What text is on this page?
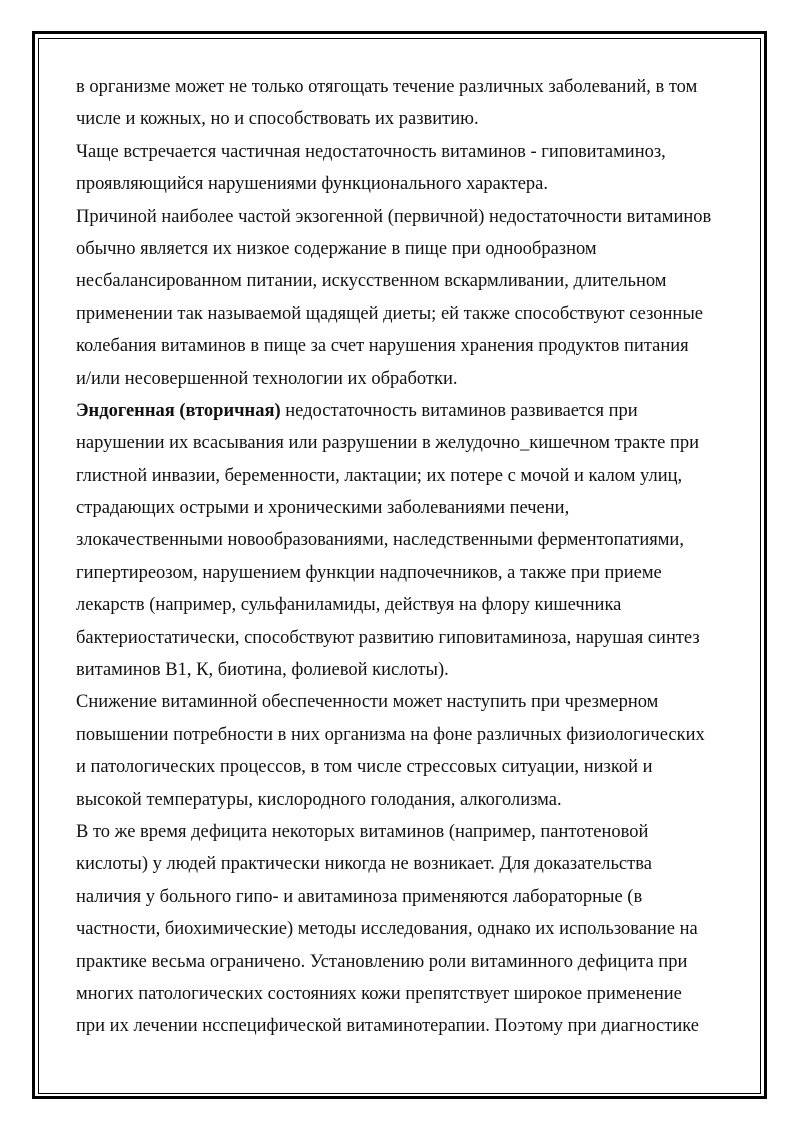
в организме может не только отягощать течение различных заболеваний, в том
числе и кожных, но и способствовать их развитию.
Чаще встречается частичная недостаточность витаминов - гиповитаминоз,
проявляющийся нарушениями функционального характера.
Причиной наиболее частой экзогенной (первичной) недостаточности витаминов
обычно является их низкое содержание в пище при однообразном
несбалансированном питании, искусственном вскармливании, длительном
применении так называемой щадящей диеты; ей также способствуют сезонные
колебания витаминов в пище за счет нарушения хранения продуктов питания
и/или несовершенной технологии их обработки.
Эндогенная (вторичная) недостаточность витаминов развивается при
нарушении их всасывания или разрушении в желудочно_кишечном тракте при
глистной инвазии, беременности, лактации; их потере с мочой и калом улиц,
страдающих острыми и хроническими заболеваниями печени,
злокачественными новообразованиями, наследственными ферментопатиями,
гипертиреозом, нарушением функции надпочечников, а также при приеме
лекарств (например, сульфаниламиды, действуя на флору кишечника
бактериостатически, способствуют развитию гиповитаминоза, нарушая синтез
витаминов В1, К, биотина, фолиевой кислоты).
Снижение витаминной обеспеченности может наступить при чрезмерном
повышении потребности в них организма на фоне различных физиологических
и патологических процессов, в том числе стрессовых ситуации, низкой и
высокой температуры, кислородного голодания, алкоголизма.
В то же время дефицита некоторых витаминов (например, пантотеновой
кислоты) у людей практически никогда не возникает. Для доказательства
наличия у больного гипо- и авитаминоза применяются лабораторные (в
частности, биохимические) методы исследования, однако их использование на
практике весьма ограничено. Установлению роли витаминного дефицита при
многих патологических состояниях кожи препятствует широкое применение
при их лечении нсспецифической витаминотерапии. Поэтому при диагностике
